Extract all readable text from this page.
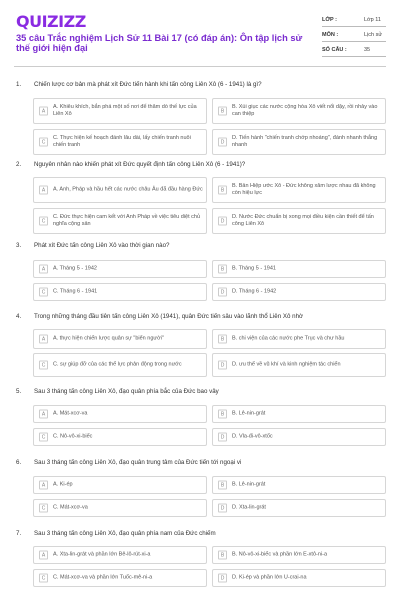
QUIZIZZ
35 câu Trắc nghiệm Lịch Sử 11 Bài 17 (có đáp án): Ôn tập lịch sử thế giới hiện đại
LỚP :	Lớp 11
MÔN :	Lịch sử
SỐ CÂU :	35
1. Chiến lược cơ bản mà phát xít Đức tiến hành khi tấn công Liên Xô (6 - 1941) là gì?
A
A. Khiêu khích, bắn phá một số nơi để thăm dò thế lực của Liên Xô	B
B. Xúi giục các nước cộng hòa Xô viết nổi dậy, rồi nhảy vào can thiệp
C
C. Thực hiện kế hoạch đánh lâu dài, lấy chiến tranh nuôi chiến tranh	D
D. Tiến hành "chiến tranh chớp nhoáng", đánh nhanh thắng nhanh
2. Nguyên nhân nào khiến phát xít Đức quyết định tấn công Liên Xô (6 - 1941)?
A	A. Anh, Pháp và hầu hết các nước châu Âu đã đầu hàng Đức	B
B. Bản Hiệp ước Xô - Đức không xâm lược nhau đã không còn hiệu lực
C
C. Đức thực hiện cam kết với Anh Pháp về việc tiêu diệt chủ nghĩa cộng sản	D
D. Nước Đức chuẩn bị xong mọi điều kiện cần thiết để tấn công Liên Xô
3. Phát xít Đức tấn công Liên Xô vào thời gian nào?
A	A. Tháng 5 - 1942	B	B. Tháng 5 - 1941
C	C. Tháng 6 - 1941	D	D. Tháng 6 - 1942
4. Trong những tháng đầu tiên tấn công Liên Xô (1941), quân Đức tiến sâu vào lãnh thổ Liên Xô nhờ
A	A. thực hiện chiến lược quân sự "biển người"	B	B. chi viện của các nước phe Trục và chư hầu
C	C. sự giúp đỡ của các thế lực phản động trong nước	D	D. ưu thế về vũ khí và kinh nghiệm tác chiến
5. Sau 3 tháng tấn công Liên Xô, đạo quân phía bắc của Đức bao vây
A	A. Mát-xcơ-va	B	B. Lê-nin-grát
C	C. Nô-vô-xi-biếc	D	D. Vla-đi-vô-xtốc
6. Sau 3 tháng tấn công Liên Xô, đạo quân trung tâm của Đức tiến tới ngoại vi
A	A. Ki-ép	B	B. Lê-nin-grát
C	C. Mát-xcơ-va	D	D. Xta-lin-grát
7. Sau 3 tháng tấn công Liên Xô, đạo quân phía nam của Đức chiếm
A	A. Xta-lin-grát và phần lớn Bê-lô-rút-xi-a	B	B. Nô-vô-xi-biếc và phần lớn E-xtô-ni-a
C	C. Mát-xcơ-va và phần lớn Tuốc-mê-ni-a	D	D. Ki-ép và phần lớn U-crai-na
